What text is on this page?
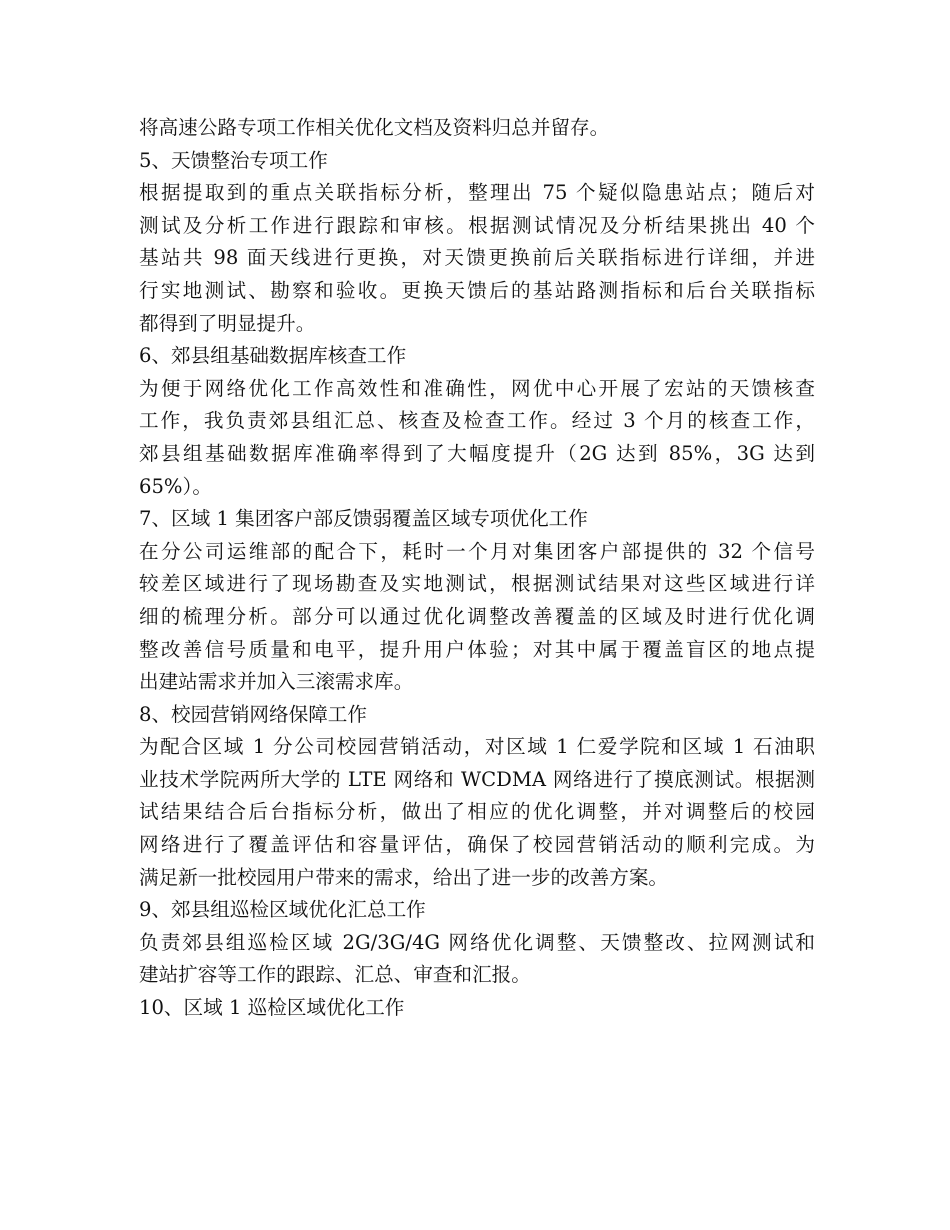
将高速公路专项工作相关优化文档及资料归总并留存。
5、天馈整治专项工作
根据提取到的重点关联指标分析，整理出 75 个疑似隐患站点；随后对
测试及分析工作进行跟踪和审核。根据测试情况及分析结果挑出 40 个
基站共 98 面天线进行更换，对天馈更换前后关联指标进行详细，并进
行实地测试、勘察和验收。更换天馈后的基站路测指标和后台关联指标
都得到了明显提升。
6、郊县组基础数据库核查工作
为便于网络优化工作高效性和准确性，网优中心开展了宏站的天馈核查
工作，我负责郊县组汇总、核查及检查工作。经过 3 个月的核查工作，
郊县组基础数据库准确率得到了大幅度提升（2G 达到 85%，3G 达到
65%）。
7、区域 1 集团客户部反馈弱覆盖区域专项优化工作
在分公司运维部的配合下，耗时一个月对集团客户部提供的 32 个信号
较差区域进行了现场勘查及实地测试，根据测试结果对这些区域进行详
细的梳理分析。部分可以通过优化调整改善覆盖的区域及时进行优化调
整改善信号质量和电平，提升用户体验；对其中属于覆盖盲区的地点提
出建站需求并加入三滚需求库。
8、校园营销网络保障工作
为配合区域 1 分公司校园营销活动，对区域 1 仁爱学院和区域 1 石油职
业技术学院两所大学的 LTE 网络和 WCDMA 网络进行了摸底测试。根据测
试结果结合后台指标分析，做出了相应的优化调整，并对调整后的校园
网络进行了覆盖评估和容量评估，确保了校园营销活动的顺利完成。为
满足新一批校园用户带来的需求，给出了进一步的改善方案。
9、郊县组巡检区域优化汇总工作
负责郊县组巡检区域 2G/3G/4G 网络优化调整、天馈整改、拉网测试和
建站扩容等工作的跟踪、汇总、审查和汇报。
10、区域 1 巡检区域优化工作
